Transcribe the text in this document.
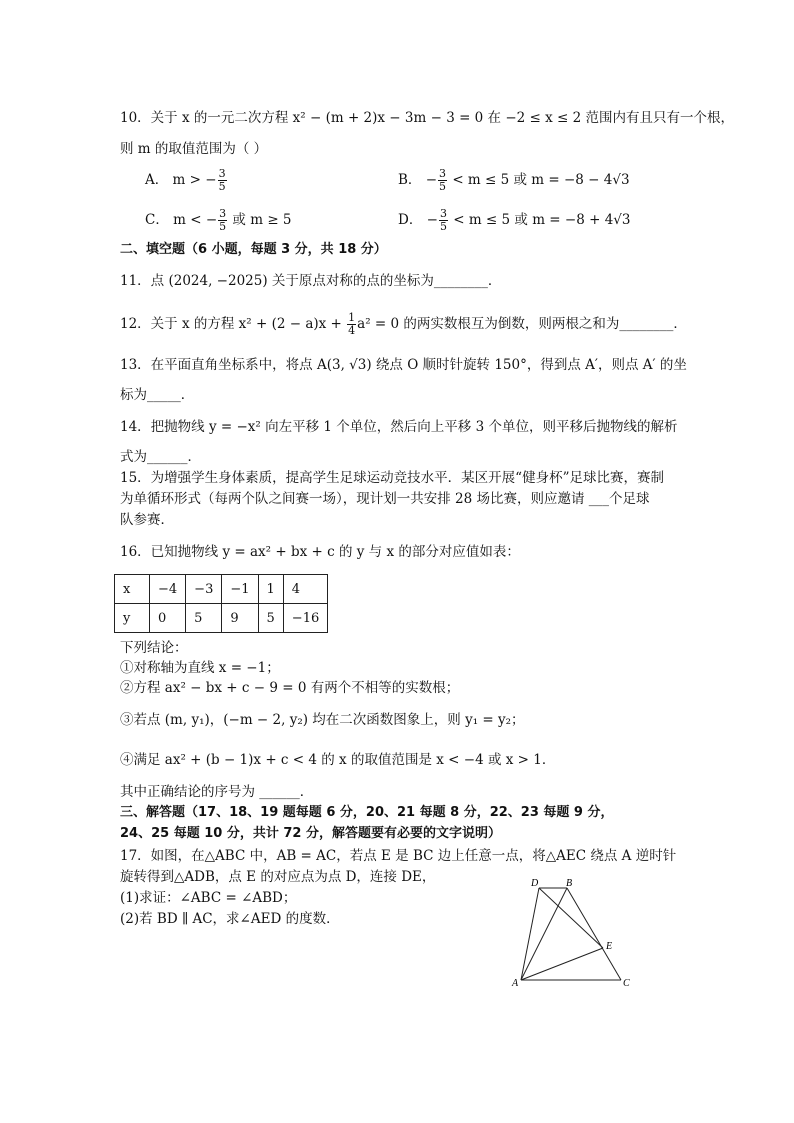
10．关于 x 的一元二次方程 x² − (m + 2)x − 3m − 3 = 0 在 −2 ≤ x ≤ 2 范围内有且只有一个根，
则 m 的取值范围为（ ）
A． m > − $\frac{3}{5}$	B． − $\frac{3}{5} < m \le 5$ 或 m = −8 − 4√3
C． m < − $\frac{3}{5}$ 或 m ≥ 5	D． − $\frac{3}{5} < m \le 5$ 或 m = −8 + 4√3
二、填空题（6 小题，每题 3 分，共 18 分）
11．点 (2024, −2025) 关于原点对称的点的坐标为________．
12．关于 x 的方程 $x^2 + (2 - a)x + \frac{1}{4} a^2 = 0$ 的两实数根互为倒数，则两根之和为________．
13．在平面直角坐标系中，将点 A(3, √3) 绕点 O 顺时针旋转 150°，得到点 A′，则点 A′ 的坐
标为_____．
14．把抛物线 y = −x² 向左平移 1 个单位，然后向上平移 3 个单位，则平移后抛物线的解析
式为______．
15．为增强学生身体素质，提高学生足球运动竞技水平．某区开展“健身杯”足球比赛，赛制
为单循环形式（每两个队之间赛一场），现计划一共安排 28 场比赛，则应邀请 ___个足球
队参赛．
16．已知抛物线 y = ax² + bx + c 的 y 与 x 的部分对应值如表：
x	−4	−3	−1	1	4
y	0	5	9	5	−16
下列结论：
①对称轴为直线 x = −1；
②方程 ax² − bx + c − 9 = 0 有两个不相等的实数根；
③若点 (m, y₁)，(−m − 2, y₂) 均在二次函数图象上，则 y₁ = y₂；
④满足 ax² + (b − 1)x + c < 4 的 x 的取值范围是 x < −4 或 x > 1．
其中正确结论的序号为 ______．
三、解答题（17、18、19 题每题 6 分，20、21 每题 8 分，22、23 每题 9 分，
24、25 每题 10 分，共计 72 分，解答题要有必要的文字说明）
17．如图，在△ABC 中，AB = AC，若点 E 是 BC 边上任意一点，将△AEC 绕点 A 逆时针
旋转得到△ADB，点 E 的对应点为点 D，连接 DE，
(1)求证：∠ABC = ∠ABD；
(2)若 BD ∥ AC，求∠AED 的度数．
D	B
E
A	C
